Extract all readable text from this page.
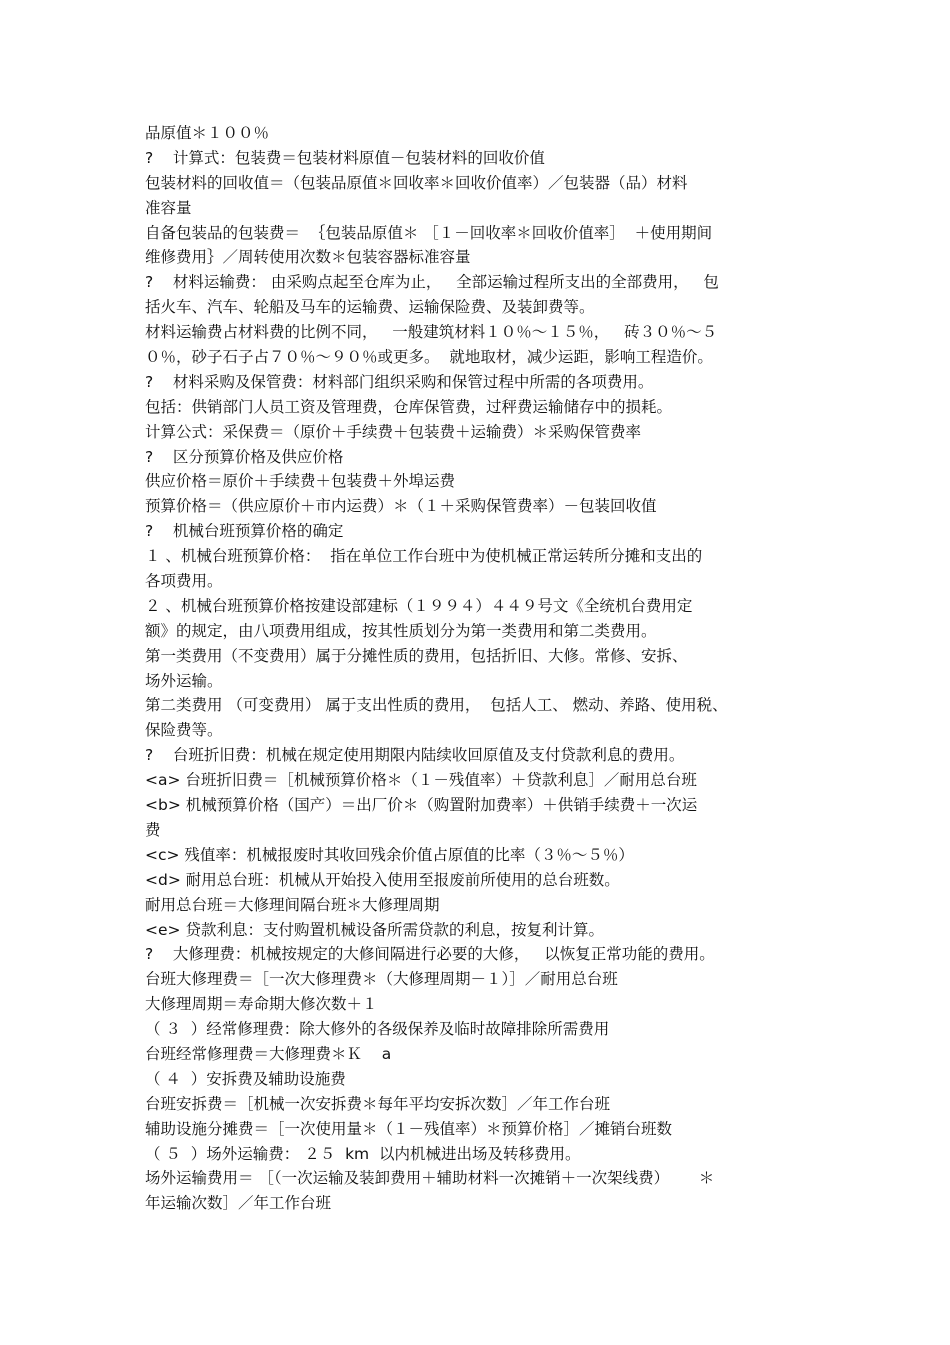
品原值＊１００％
?    计算式：包装费＝包装材料原值－包装材料的回收价值
包装材料的回收值＝（包装品原值＊回收率＊回收价值率）／包装器（品）材料
准容量
自备包装品的包装费＝  ｛包装品原值＊ ［１－回收率＊回收价值率］  ＋使用期间
维修费用｝／周转使用次数＊包装容器标准容量
?    材料运输费： 由采购点起至仓库为止，   全部运输过程所支出的全部费用，   包
括火车、汽车、轮船及马车的运输费、运输保险费、及装卸费等。
材料运输费占材料费的比例不同，   一般建筑材料１０％～１５％，   砖３０％～５
０％，砂子石子占７０％～９０％或更多。  就地取材，减少运距，影响工程造价。
?    材料采购及保管费：材料部门组织采购和保管过程中所需的各项费用。
包括：供销部门人员工资及管理费，仓库保管费，过秤费运输储存中的损耗。
计算公式：采保费＝（原价＋手续费＋包装费＋运输费）＊采购保管费率
?    区分预算价格及供应价格
供应价格＝原价＋手续费＋包装费＋外埠运费
预算价格＝（供应原价＋市内运费）＊（１＋采购保管费率）－包装回收值
?    机械台班预算价格的确定
１ 、机械台班预算价格：  指在单位工作台班中为使机械正常运转所分摊和支出的
各项费用。
２ 、机械台班预算价格按建设部建标（１９９４）４４９号文《全统机台费用定
额》的规定，由八项费用组成，按其性质划分为第一类费用和第二类费用。
第一类费用（不变费用）属于分摊性质的费用，包括折旧、大修。常修、安拆、
场外运输。
第二类费用 （可变费用） 属于支出性质的费用，  包括人工、 燃动、养路、使用税、
保险费等。
?    台班折旧费：机械在规定使用期限内陆续收回原值及支付贷款利息的费用。
<a> 台班折旧费＝［机械预算价格＊（１－残值率）＋贷款利息］／耐用总台班
<b> 机械预算价格（国产）＝出厂价＊（购置附加费率）＋供销手续费＋一次运
费
<c> 残值率：机械报废时其收回残余价值占原值的比率（３％～５％）
<d> 耐用总台班：机械从开始投入使用至报废前所使用的总台班数。
耐用总台班＝大修理间隔台班＊大修理周期
<e> 贷款利息：支付购置机械设备所需贷款的利息，按复利计算。
?    大修理费：机械按规定的大修间隔进行必要的大修，   以恢复正常功能的费用。
台班大修理费＝［一次大修理费＊（大修理周期－１）］／耐用总台班
大修理周期＝寿命期大修次数＋１
（ ３  ）经常修理费：除大修外的各级保养及临时故障排除所需费用
台班经常修理费＝大修理费＊Ｋ    a
（ ４  ）安拆费及辅助设施费
台班安拆费＝［机械一次安拆费＊每年平均安拆次数］／年工作台班
辅助设施分摊费＝［一次使用量＊（１－残值率）＊预算价格］／摊销台班数
（ ５  ）场外运输费： ２５  km  以内机械进出场及转移费用。
场外运输费用＝ ［（一次运输及装卸费用＋辅助材料一次摊销＋一次架线费）      ＊
年运输次数］／年工作台班
